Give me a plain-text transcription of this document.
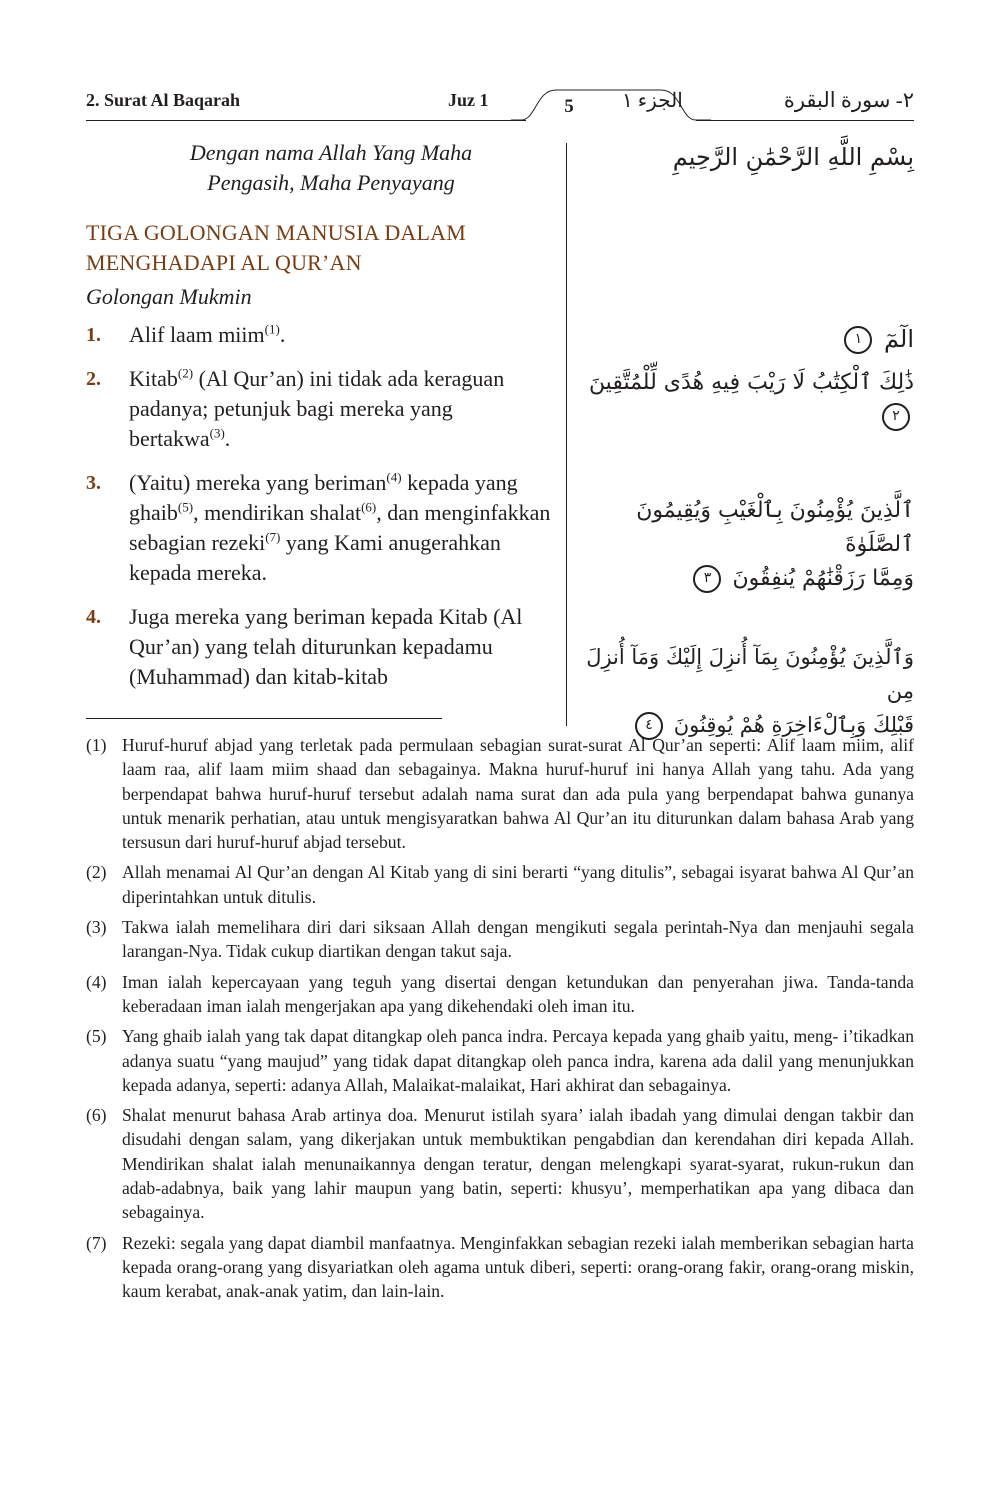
2. Surat Al Baqarah	Juz 1	5	الجزء ١	٢- سورة البقرة
Dengan nama Allah Yang Maha
Pengasih, Maha Penyayang
TIGA GOLONGAN MANUSIA DALAM
MENGHADAPI AL QUR’AN
Golongan Mukmin
1. Alif laam miim$^{(1)}$.
2. Kitab$^{(2)}$ (Al Qur’an) ini tidak ada keraguan padanya; petunjuk bagi mereka yang bertakwa$^{(3)}$.
3. (Yaitu) mereka yang beriman$^{(4)}$ kepada yang ghaib$^{(5)}$, mendirikan shalat$^{(6)}$, dan menginfakkan sebagian rezeki$^{(7)}$ yang Kami anugerahkan kepada mereka.
4. Juga mereka yang beriman kepada Kitab (Al Qur’an) yang telah diturunkan kepadamu (Muhammad) dan kitab-kitab
بِسْمِ اللَّهِ الرَّحْمَٰنِ الرَّحِيمِ
الٓمٓ ١
ذَٰلِكَ ٱلْكِتَٰبُ لَا رَيْبَ فِيهِ هُدًى لِّلْمُتَّقِينَ ٢
ٱلَّذِينَ يُؤْمِنُونَ بِٱلْغَيْبِ وَيُقِيمُونَ ٱلصَّلَوٰةَ
وَمِمَّا رَزَقْنَٰهُمْ يُنفِقُونَ ٣
وَٱلَّذِينَ يُؤْمِنُونَ بِمَآ أُنزِلَ إِلَيْكَ وَمَآ أُنزِلَ مِن
قَبْلِكَ وَبِٱلْءَاخِرَةِ هُمْ يُوقِنُونَ ٤
(1) Huruf-huruf abjad yang terletak pada permulaan sebagian surat-surat Al Qur’an seperti: Alif laam miim, alif laam raa, alif laam miim shaad dan sebagainya. Makna huruf-huruf ini hanya Allah yang tahu. Ada yang berpendapat bahwa huruf-huruf tersebut adalah nama surat dan ada pula yang berpendapat bahwa gunanya untuk menarik perhatian, atau untuk mengisyaratkan bahwa Al Qur’an itu diturunkan dalam bahasa Arab yang tersusun dari huruf-huruf abjad tersebut.
(2) Allah menamai Al Qur’an dengan Al Kitab yang di sini berarti “yang ditulis”, sebagai isyarat bahwa Al Qur’an diperintahkan untuk ditulis.
(3) Takwa ialah memelihara diri dari siksaan Allah dengan mengikuti segala perintah-Nya dan menjauhi segala larangan-Nya. Tidak cukup diartikan dengan takut saja.
(4) Iman ialah kepercayaan yang teguh yang disertai dengan ketundukan dan penyerahan jiwa. Tanda-tanda keberadaan iman ialah mengerjakan apa yang dikehendaki oleh iman itu.
(5) Yang ghaib ialah yang tak dapat ditangkap oleh panca indra. Percaya kepada yang ghaib yaitu, meng- i’tikadkan adanya suatu “yang maujud” yang tidak dapat ditangkap oleh panca indra, karena ada dalil yang menunjukkan kepada adanya, seperti: adanya Allah, Malaikat-malaikat, Hari akhirat dan sebagainya.
(6) Shalat menurut bahasa Arab artinya doa. Menurut istilah syara’ ialah ibadah yang dimulai dengan takbir dan disudahi dengan salam, yang dikerjakan untuk membuktikan pengabdian dan kerendahan diri kepada Allah. Mendirikan shalat ialah menunaikannya dengan teratur, dengan melengkapi syarat-syarat, rukun-rukun dan adab-adabnya, baik yang lahir maupun yang batin, seperti: khusyu’, memperhatikan apa yang dibaca dan sebagainya.
(7) Rezeki: segala yang dapat diambil manfaatnya. Menginfakkan sebagian rezeki ialah memberikan sebagian harta kepada orang-orang yang disyariatkan oleh agama untuk diberi, seperti: orang-orang fakir, orang-orang miskin, kaum kerabat, anak-anak yatim, dan lain-lain.
